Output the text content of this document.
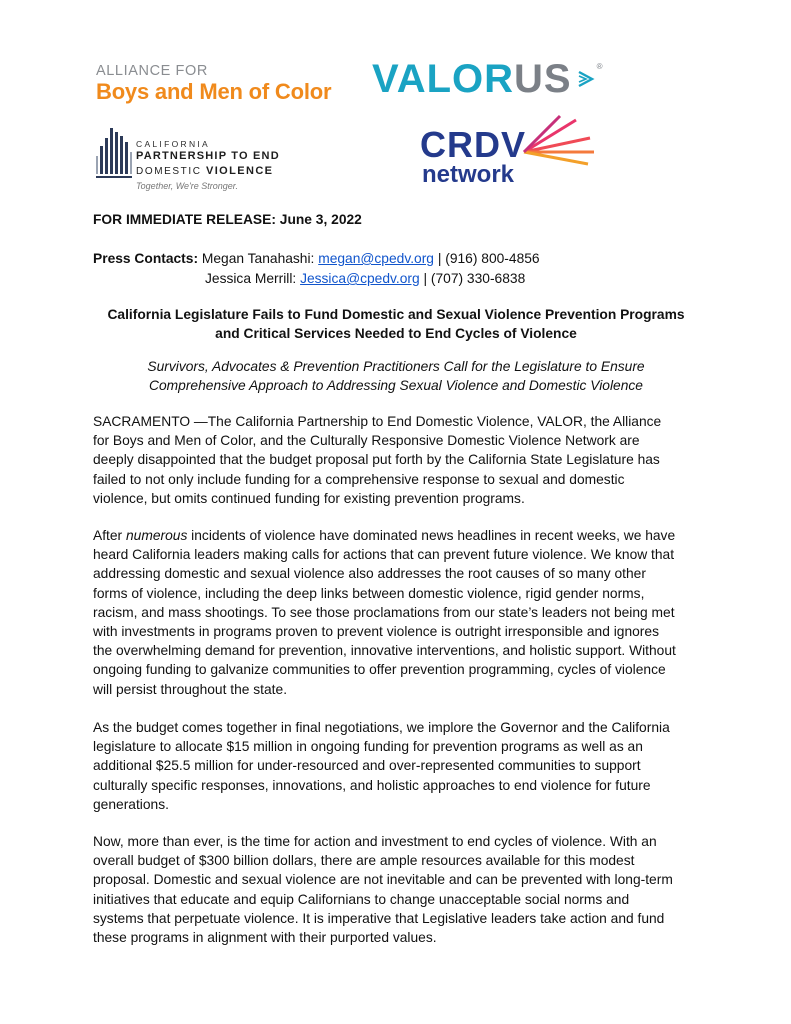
ALLIANCE FOR
Boys and Men of Color	VALOR US	®
CALIFORNIA
PARTNERSHIP TO END
DOMESTIC VIOLENCE
Together, We're Stronger.
CRDV
network
FOR IMMEDIATE RELEASE: June 3, 2022
Press Contacts: Megan Tanahashi: megan@cpedv.org | (916) 800-4856
Jessica Merrill: Jessica@cpedv.org | (707) 330-6838
California Legislature Fails to Fund Domestic and Sexual Violence Prevention Programs
and Critical Services Needed to End Cycles of Violence
Survivors, Advocates & Prevention Practitioners Call for the Legislature to Ensure
Comprehensive Approach to Addressing Sexual Violence and Domestic Violence
SACRAMENTO —The California Partnership to End Domestic Violence, VALOR, the Alliance
for Boys and Men of Color, and the Culturally Responsive Domestic Violence Network are
deeply disappointed that the budget proposal put forth by the California State Legislature has
failed to not only include funding for a comprehensive response to sexual and domestic
violence, but omits continued funding for existing prevention programs.
After numerous incidents of violence have dominated news headlines in recent weeks, we have
heard California leaders making calls for actions that can prevent future violence. We know that
addressing domestic and sexual violence also addresses the root causes of so many other
forms of violence, including the deep links between domestic violence, rigid gender norms,
racism, and mass shootings. To see those proclamations from our state’s leaders not being met
with investments in programs proven to prevent violence is outright irresponsible and ignores
the overwhelming demand for prevention, innovative interventions, and holistic support. Without
ongoing funding to galvanize communities to offer prevention programming, cycles of violence
will persist throughout the state.
As the budget comes together in final negotiations, we implore the Governor and the California
legislature to allocate $15 million in ongoing funding for prevention programs as well as an
additional $25.5 million for under-resourced and over-represented communities to support
culturally specific responses, innovations, and holistic approaches to end violence for future
generations.
Now, more than ever, is the time for action and investment to end cycles of violence. With an
overall budget of $300 billion dollars, there are ample resources available for this modest
proposal. Domestic and sexual violence are not inevitable and can be prevented with long-term
initiatives that educate and equip Californians to change unacceptable social norms and
systems that perpetuate violence. It is imperative that Legislative leaders take action and fund
these programs in alignment with their purported values.
